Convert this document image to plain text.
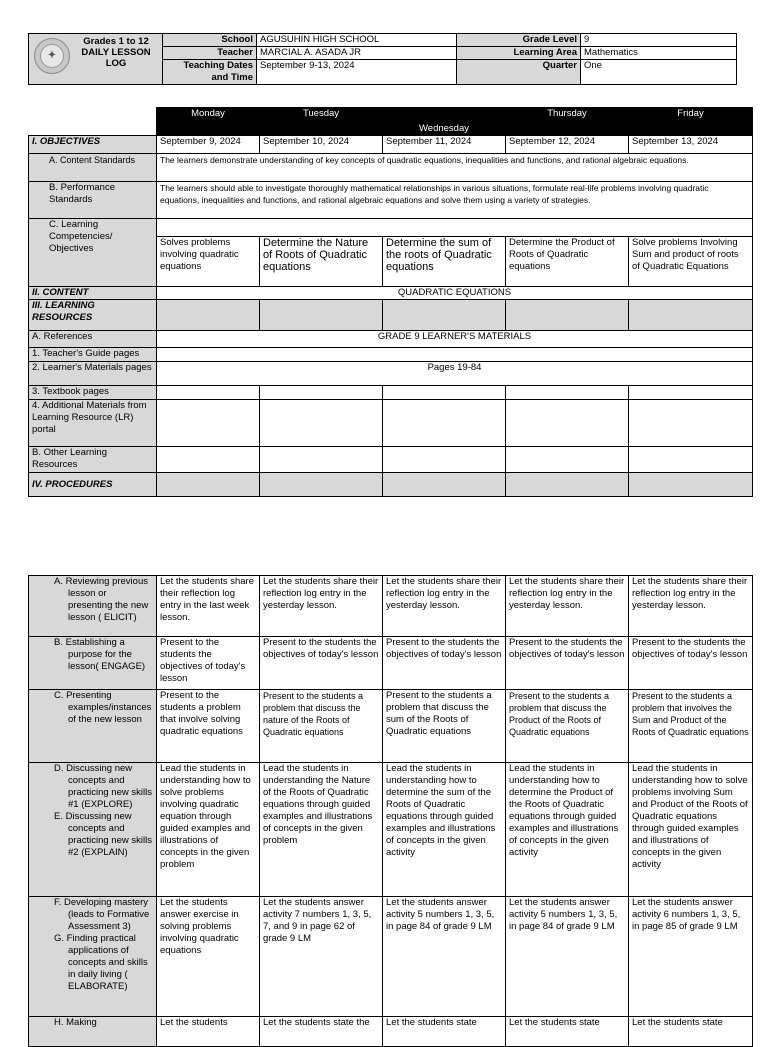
✦
Grades 1 to 12 DAILY LESSON LOG	School	AGUSUHIN HIGH SCHOOL	Grade Level	9
	Teacher	MARCIAL A. ASADA JR	Learning Area	Mathematics
	Teaching Dates and Time	September 9-13, 2024	Quarter	One
	Monday	Tuesday	Wednesday	Thursday	Friday
I. OBJECTIVES	September 9, 2024	September 10, 2024	September 11, 2024	September 12, 2024	September 13, 2024
A. Content Standards	The learners demonstrate understanding of key concepts of quadratic equations, inequalities and functions, and rational algebraic equations.				
B. Performance Standards	The learners should able to investigate thoroughly mathematical relationships in various situations, formulate real-life problems involving quadratic equations, inequalities and functions, and rational algebraic equations and solve them using a variety of strategies.				
C. Learning Competencies/ Objectives					
	Solves problems involving quadratic equations	Determine the Nature of Roots of Quadratic equations	Determine the sum of the roots of Quadratic equations	Determine the Product of Roots of Quadratic equations	Solve problems Involving Sum and product of roots of Quadratic Equations
II. CONTENT	QUADRATIC EQUATIONS				
III. LEARNING RESOURCES					
A. References	GRADE 9 LEARNER'S MATERIALS				
1. Teacher's Guide pages					
2. Learner's Materials pages	Pages 19-84				
3. Textbook pages					
4. Additional Materials from Learning Resource (LR) portal					
B. Other Learning Resources					
IV. PROCEDURES					
A. Reviewing previous lesson or presenting the new lesson ( ELICIT)	Let the students share their reflection log entry in the last week lesson.	Let the students share their reflection log entry in the yesterday lesson.	Let the students share their reflection log entry in the yesterday lesson.	Let the students share their reflection log entry in the yesterday lesson.	Let the students share their reflection log entry in the yesterday lesson.

B. Establishing a purpose for the lesson( ENGAGE)	Present to the students the objectives of today's lesson	Present to the students the objectives of today's lesson	Present to the students the objectives of today's lesson	Present to the students the objectives of today's lesson	Present to the students the objectives of today's lesson

C. Presenting examples/instances of the new lesson	Present to the students a problem that involve solving quadratic equations	Present to the students a problem that discuss the nature of the Roots of Quadratic equations	Present to the students a problem that discuss the sum of the Roots of Quadratic equations	Present to the students a problem that discuss the Product of the Roots of Quadratic equations	Present to the students a problem that involves the Sum and Product of the Roots of Quadratic equations

D. Discussing new concepts and practicing new skills #1 (EXPLORE)
E. Discussing new concepts and practicing new skills #2 (EXPLAIN)	Lead the students in understanding how to solve problems involving quadratic equation through guided examples and illustrations of concepts in the given problem	Lead the students in understanding the Nature of the Roots of Quadratic equations through guided examples and illustrations of concepts in the given problem	Lead the students in understanding how to determine the sum of the Roots of Quadratic equations through guided examples and illustrations of concepts in the given activity	Lead the students in understanding how to determine the Product of the Roots of Quadratic equations through guided examples and illustrations of concepts in the given activity	Lead the students in understanding how to solve problems involving Sum and Product of the Roots of Quadratic equations through guided examples and illustrations of concepts in the given activity

F. Developing mastery (leads to Formative Assessment 3)
G. Finding practical applications of concepts and skills in daily living ( ELABORATE)	Let the students answer exercise in solving problems involving quadratic equations	Let the students answer activity 7 numbers 1, 3, 5, 7, and 9 in page 62 of grade 9 LM	Let the students answer activity 5 numbers 1, 3, 5, in page 84 of grade 9 LM	Let the students answer activity 5 numbers 1, 3, 5, in page 84 of grade 9 LM	Let the students answer activity 6 numbers 1, 3, 5, in page 85 of grade 9 LM

H. Making	Let the students	Let the students state the	Let the students state	Let the students state	Let the students state
